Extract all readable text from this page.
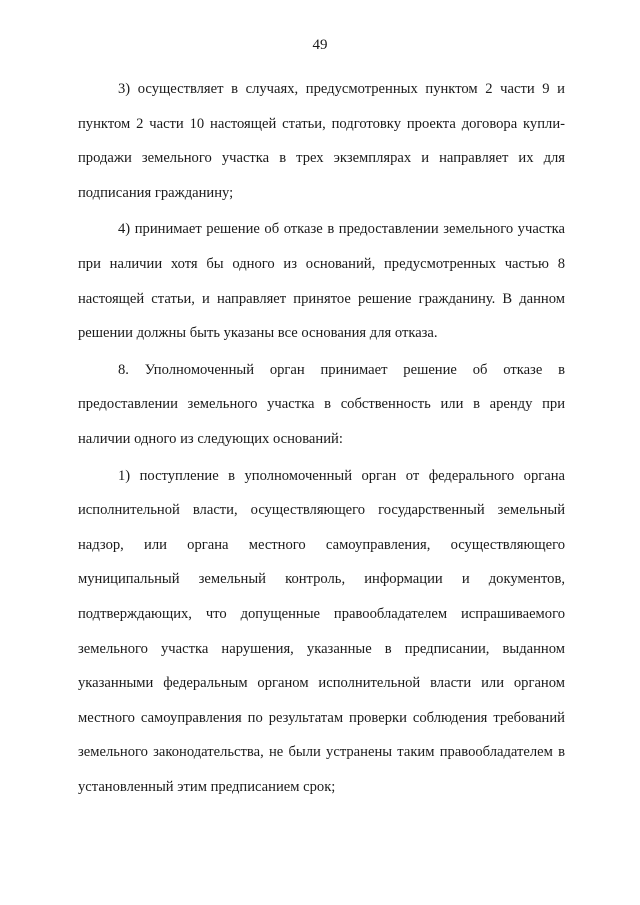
49

3) осуществляет в случаях, предусмотренных пунктом 2 части 9 и пунктом 2 части 10 настоящей статьи, подготовку проекта договора купли-продажи земельного участка в трех экземплярах и направляет их для подписания гражданину;

4) принимает решение об отказе в предоставлении земельного участка при наличии хотя бы одного из оснований, предусмотренных частью 8 настоящей статьи, и направляет принятое решение гражданину. В данном решении должны быть указаны все основания для отказа.

8. Уполномоченный орган принимает решение об отказе в предоставлении земельного участка в собственность или в аренду при наличии одного из следующих оснований:

1) поступление в уполномоченный орган от федерального органа исполнительной власти, осуществляющего государственный земельный надзор, или органа местного самоуправления, осуществляющего муниципальный земельный контроль, информации и документов, подтверждающих, что допущенные правообладателем испрашиваемого земельного участка нарушения, указанные в предписании, выданном указанными федеральным органом исполнительной власти или органом местного самоуправления по результатам проверки соблюдения требований земельного законодательства, не были устранены таким правообладателем в установленный этим предписанием срок;
